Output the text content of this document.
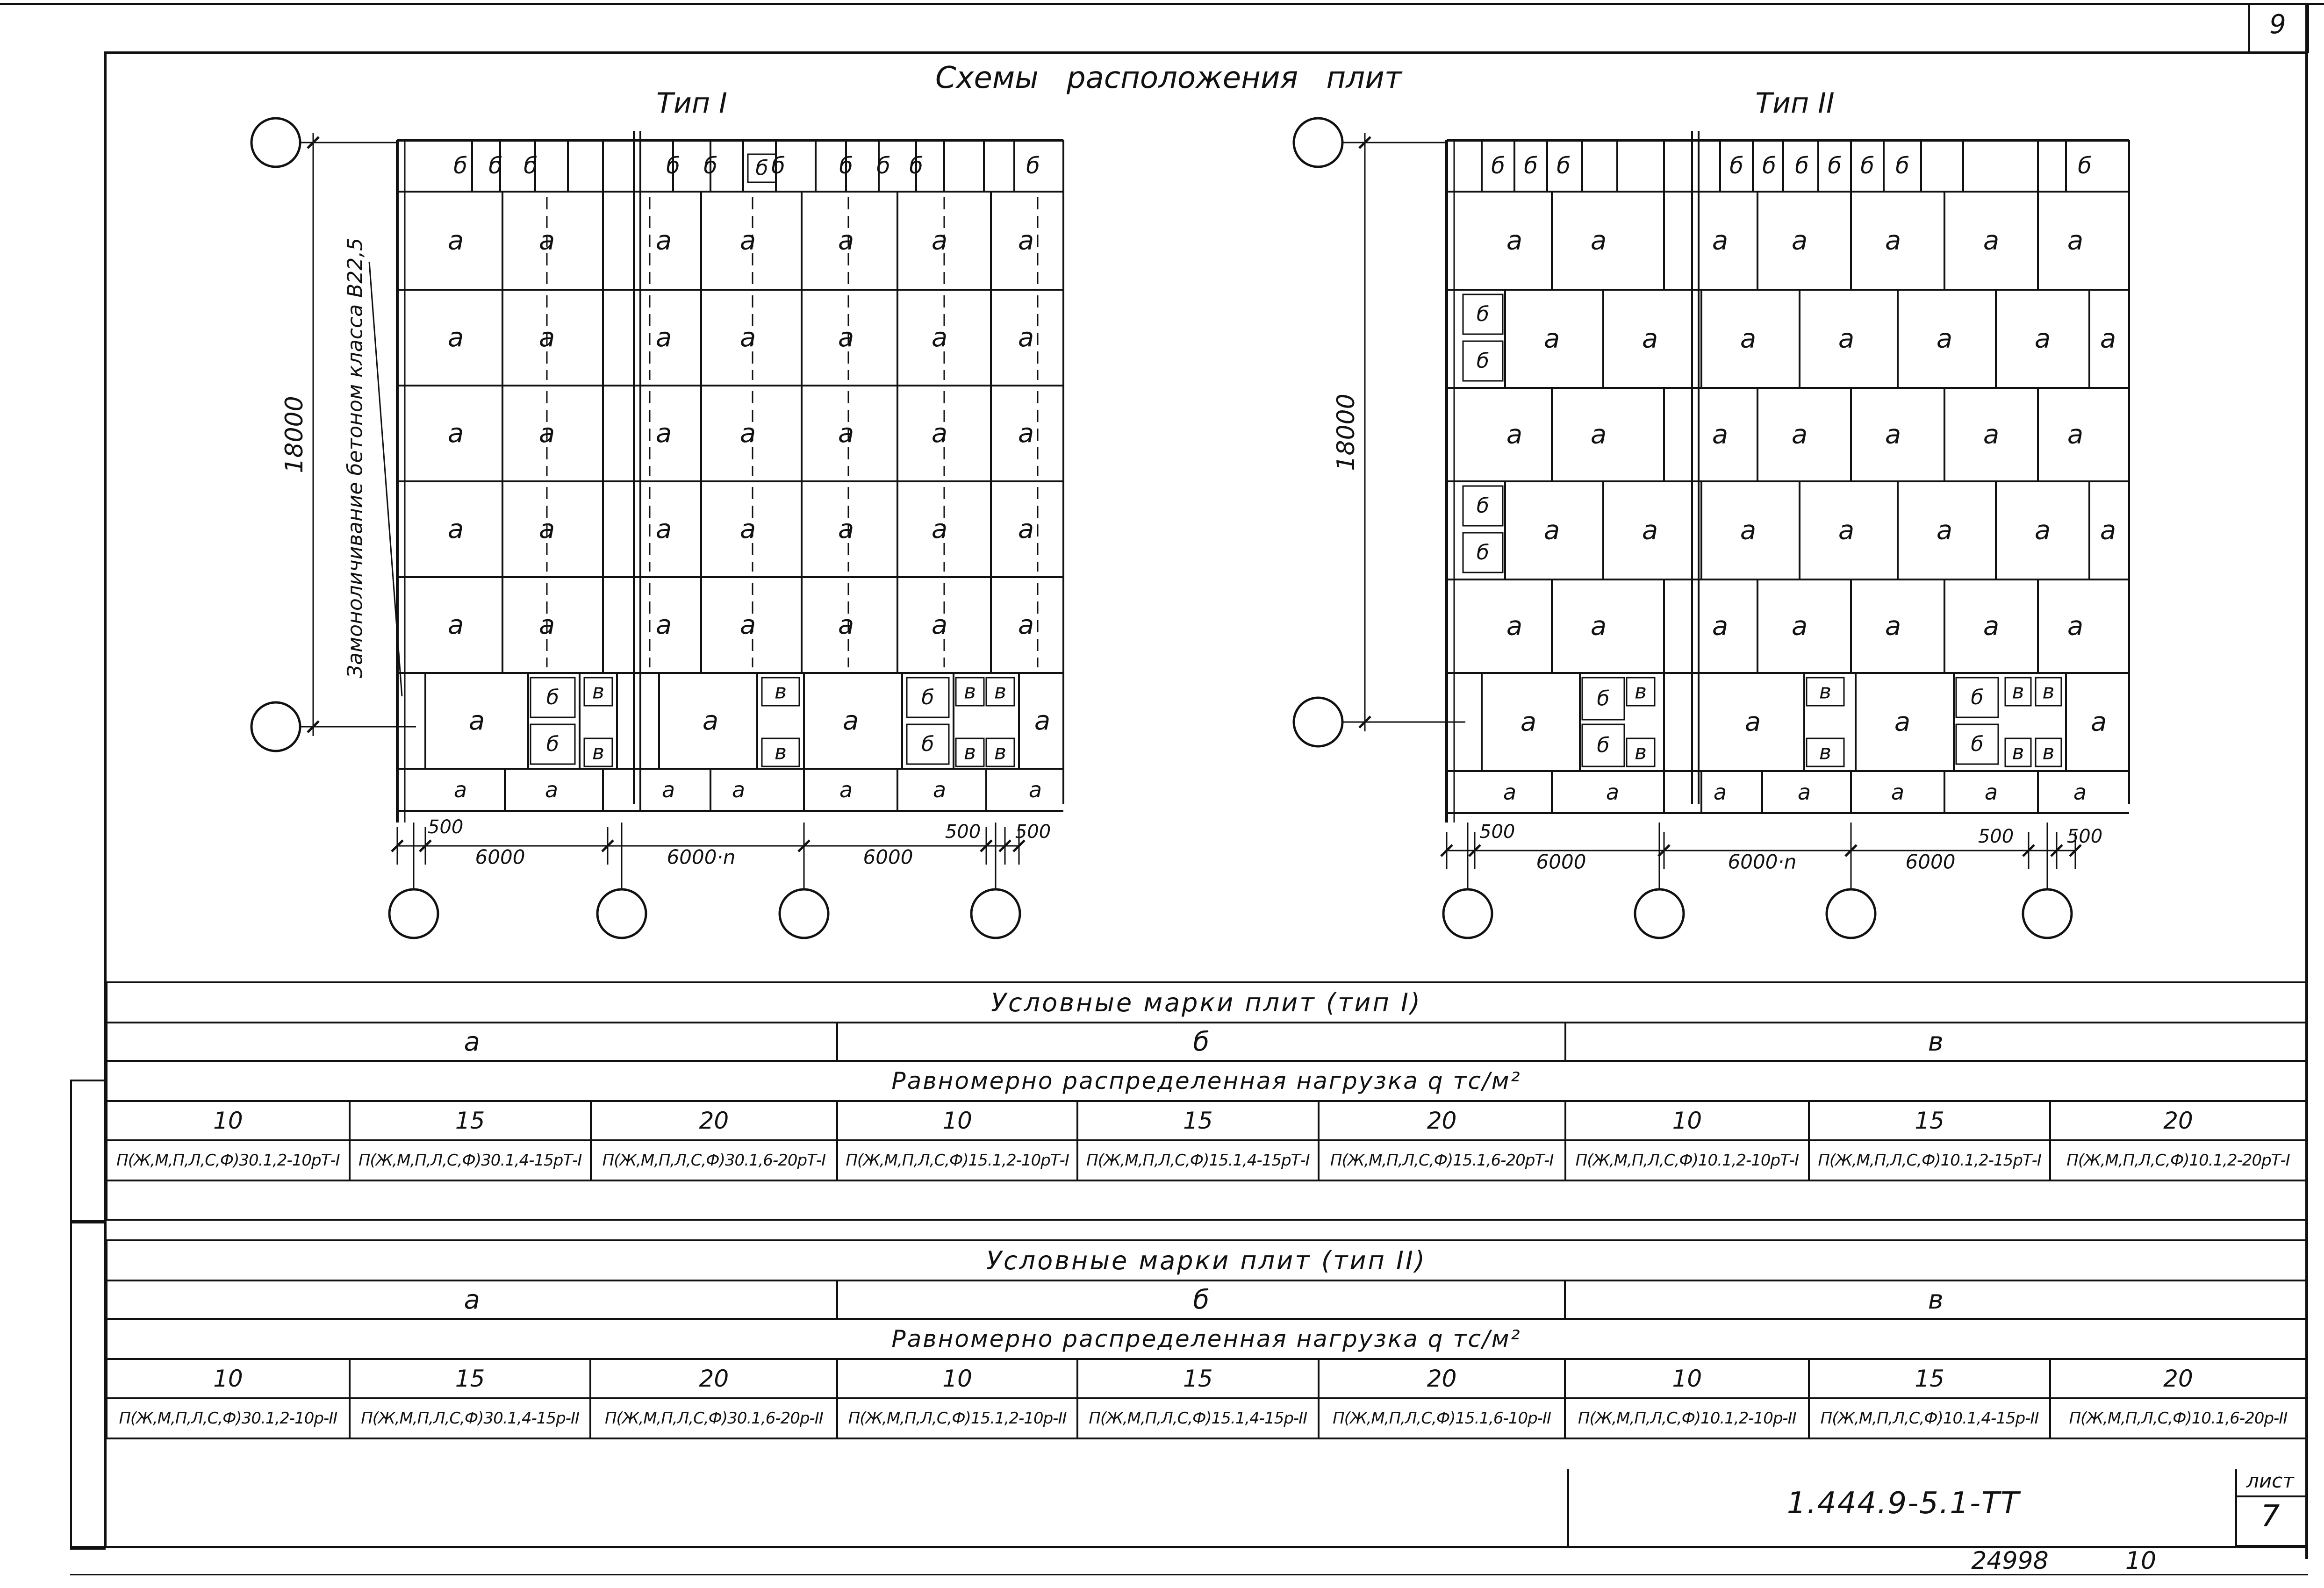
9
Схемы расположения плит
б б б	б б б б б б	б
б
а	а	а	а	а	а	а
а	а	а	а	а	а	а
а	а	а	а	а	а	а
а	а	а	а	а	а	а
а	а	а	а	а	а	а
а	а	а	а
б
б
в
в
в
в
б
б
в в
в в
а	а	а	а	а	а	а
18000
500
6000	6000·n	6000
500 500
б б б	б б б б б б	б
а	а	а а	а	а	а
а	а	а	а	а	а а
б
б
а	а	а а	а	а	а
а	а	а	а	а	а а
б
б
а	а	а а	а	а	а
а	а	а	а
б
б
в
в
в
в
б
б
в в
в в
а	а	а	а	а	а	а
18000
500
6000	6000·n	6000
500	500
Замоноличивание бетоном класса В22,5
Тип I	Тип II
Условные марки плит (тип I)								
а			б			в		
Равномерно распределенная нагрузка q тс/м²								
10	15	20	10	15	20	10	15	20
П(Ж,М,П,Л,С,Ф)30.1,2-10рТ-I	П(Ж,М,П,Л,С,Ф)30.1,4-15рТ-I	П(Ж,М,П,Л,С,Ф)30.1,6-20рТ-I	П(Ж,М,П,Л,С,Ф)15.1,2-10рТ-I	П(Ж,М,П,Л,С,Ф)15.1,4-15рТ-I	П(Ж,М,П,Л,С,Ф)15.1,6-20рТ-I	П(Ж,М,П,Л,С,Ф)10.1,2-10рТ-I	П(Ж,М,П,Л,С,Ф)10.1,2-15рТ-I	П(Ж,М,П,Л,С,Ф)10.1,2-20рТ-I

Условные марки плит (тип II)								
а			б			в		
Равномерно распределенная нагрузка q тс/м²								
10	15	20	10	15	20	10	15	20
П(Ж,М,П,Л,С,Ф)30.1,2-10р-II	П(Ж,М,П,Л,С,Ф)30.1,4-15р-II	П(Ж,М,П,Л,С,Ф)30.1,6-20р-II	П(Ж,М,П,Л,С,Ф)15.1,2-10р-II	П(Ж,М,П,Л,С,Ф)15.1,4-15р-II	П(Ж,М,П,Л,С,Ф)15.1,6-10р-II	П(Ж,М,П,Л,С,Ф)10.1,2-10р-II	П(Ж,М,П,Л,С,Ф)10.1,4-15р-II	П(Ж,М,П,Л,С,Ф)10.1,6-20р-II
1.444.9-5.1-ТТ
лист
7
24998	10
